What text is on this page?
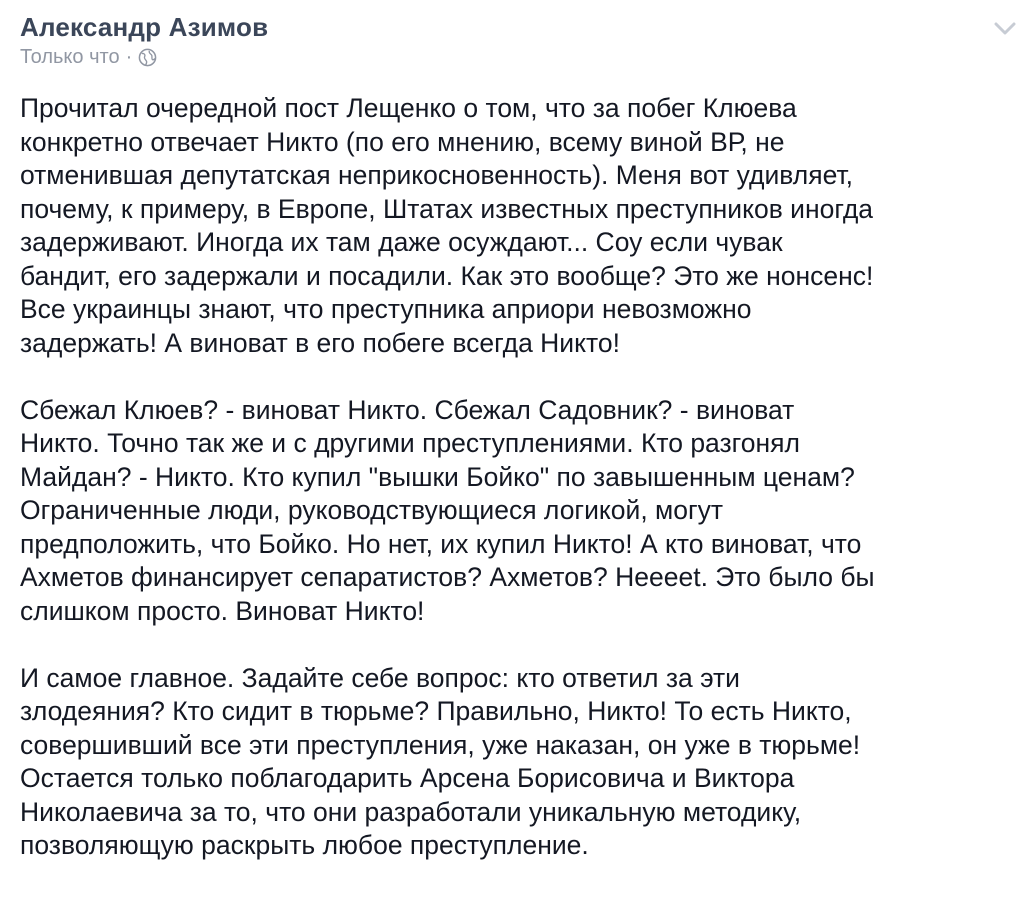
Александр Азимов
Только что ·
Прочитал очередной пост Лещенко о том, что за побег Клюева
конкретно отвечает Никто (по его мнению, всему виной ВР, не
отменившая депутатская неприкосновенность). Меня вот удивляет,
почему, к примеру, в Европе, Штатах известных преступников иногда
задерживают. Иногда их там даже осуждают... Соу если чувак
бандит, его задержали и посадили. Как это вообще? Это же нонсенс!
Все украинцы знают, что преступника априори невозможно
задержать! А виноват в его побеге всегда Никто!
Сбежал Клюев? - виноват Никто. Сбежал Садовник? - виноват
Никто. Точно так же и с другими преступлениями. Кто разгонял
Майдан? - Никто. Кто купил "вышки Бойко" по завышенным ценам?
Ограниченные люди, руководствующиеся логикой, могут
предположить, что Бойко. Но нет, их купил Никто! А кто виноват, что
Ахметов финансирует сепаратистов? Ахметов? Нееееt. Это было бы
слишком просто. Виноват Никто!
И самое главное. Задайте себе вопрос: кто ответил за эти
злодеяния? Кто сидит в тюрьме? Правильно, Никто! То есть Никто,
совершивший все эти преступления, уже наказан, он уже в тюрьме!
Остается только поблагодарить Арсена Борисовича и Виктора
Николаевича за то, что они разработали уникальную методику,
позволяющую раскрыть любое преступление.
